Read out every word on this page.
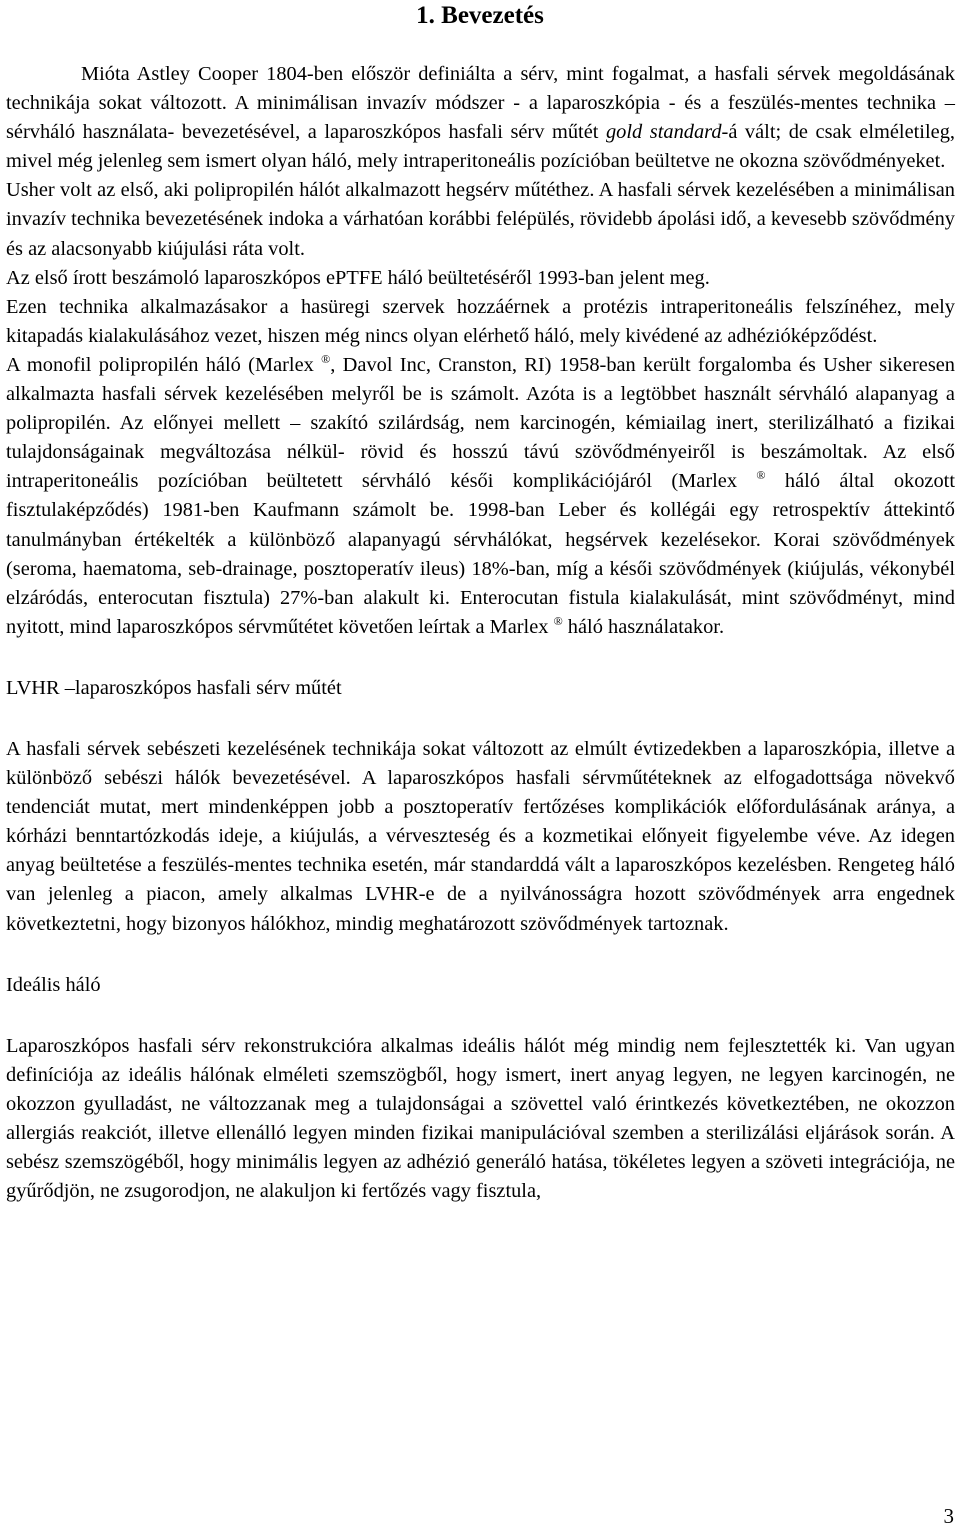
1. Bevezetés

Mióta Astley Cooper 1804-ben először definiálta a sérv, mint fogalmat, a hasfali sérvek megoldásának technikája sokat változott. A minimálisan invazív módszer - a laparoszkópia - és a feszülés-mentes technika – sérvháló használata- bevezetésével, a laparoszkópos hasfali sérv műtét gold standard-á vált; de csak elméletileg, mivel még jelenleg sem ismert olyan háló, mely intraperitoneális pozícióban beültetve ne okozna szövődményeket.

Usher volt az első, aki polipropilén hálót alkalmazott hegsérv műtéthez. A hasfali sérvek kezelésében a minimálisan invazív technika bevezetésének indoka a várhatóan korábbi felépülés, rövidebb ápolási idő, a kevesebb szövődmény és az alacsonyabb kiújulási ráta volt.

Az első írott beszámoló laparoszkópos ePTFE háló beültetéséről 1993-ban jelent meg.

Ezen technika alkalmazásakor a hasüregi szervek hozzáérnek a protézis intraperitoneális felszínéhez, mely kitapadás kialakulásához vezet, hiszen még nincs olyan elérhető háló, mely kivédené az adhézióképződést.

A monofil polipropilén háló (Marlex ®, Davol Inc, Cranston, RI) 1958-ban került forgalomba és Usher sikeresen alkalmazta hasfali sérvek kezelésében melyről be is számolt. Azóta is a legtöbbet használt sérvháló alapanyag a polipropilén. Az előnyei mellett – szakító szilárdság, nem karcinogén, kémiailag inert, sterilizálható a fizikai tulajdonságainak megváltozása nélkül- rövid és hosszú távú szövődményeiről is beszámoltak. Az első intraperitoneális pozícióban beültetett sérvháló késői komplikációjáról (Marlex ® háló által okozott fisztulaképződés) 1981-ben Kaufmann számolt be. 1998-ban Leber és kollégái egy retrospektív áttekintő tanulmányban értékelték a különböző alapanyagú sérvhálókat, hegsérvek kezelésekor. Korai szövődmények (seroma, haematoma, seb-drainage, posztoperatív ileus) 18%-ban, míg a késői szövődmények (kiújulás, vékonybél elzáródás, enterocutan fisztula) 27%-ban alakult ki. Enterocutan fistula kialakulását, mint szövődményt, mind nyitott, mind laparoszkópos sérvműtétet követően leírtak a Marlex ® háló használatakor.

LVHR –laparoszkópos hasfali sérv műtét

A hasfali sérvek sebészeti kezelésének technikája sokat változott az elmúlt évtizedekben a laparoszkópia, illetve a különböző sebészi hálók bevezetésével. A laparoszkópos hasfali sérvműtéteknek az elfogadottsága növekvő tendenciát mutat, mert mindenképpen jobb a posztoperatív fertőzéses komplikációk előfordulásának aránya, a kórházi benntartózkodás ideje, a kiújulás, a vérveszteség és a kozmetikai előnyeit figyelembe véve. Az idegen anyag beültetése a feszülés-mentes technika esetén, már standarddá vált a laparoszkópos kezelésben. Rengeteg háló van jelenleg a piacon, amely alkalmas LVHR-e de a nyilvánosságra hozott szövődmények arra engednek következtetni, hogy bizonyos hálókhoz, mindig meghatározott szövődmények tartoznak.

Ideális háló

Laparoszkópos hasfali sérv rekonstrukcióra alkalmas ideális hálót még mindig nem fejlesztették ki. Van ugyan definíciója az ideális hálónak elméleti szemszögből, hogy ismert, inert anyag legyen, ne legyen karcinogén, ne okozzon gyulladást, ne változzanak meg a tulajdonságai a szövettel való érintkezés következtében, ne okozzon allergiás reakciót, illetve ellenálló legyen minden fizikai manipulációval szemben a sterilizálási eljárások során. A sebész szemszögéből, hogy minimális legyen az adhézió generáló hatása, tökéletes legyen a szöveti integrációja, ne gyűrődjön, ne zsugorodjon, ne alakuljon ki fertőzés vagy fisztula,

3
